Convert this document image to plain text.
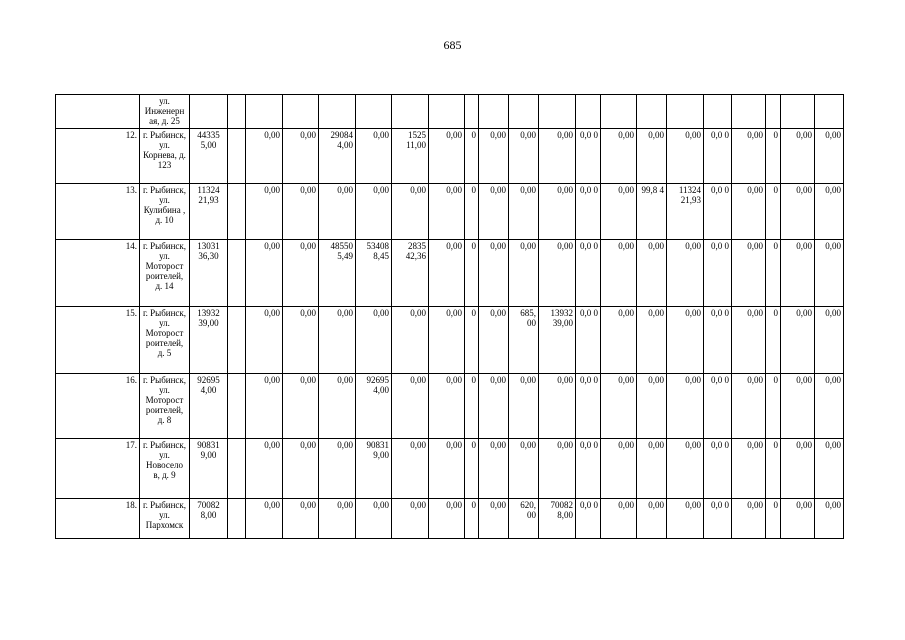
685
	ул. Инженерн ая, д. 25																					
12.	г. Рыбинск, ул. Корнева, д. 123	44335 5,00		0,00	0,00	29084 4,00	0,00	1525 11,00	0,00	0	0,00	0,00	0,00	0,0 0	0,00	0,00	0,00	0,0 0	0,00	0	0,00	0,00
13.	г. Рыбинск, ул. Кулибина , д. 10	11324 21,93		0,00	0,00	0,00	0,00	0,00	0,00	0	0,00	0,00	0,00	0,0 0	0,00	99,8 4	11324 21,93	0,0 0	0,00	0	0,00	0,00
14.	г. Рыбинск, ул. Моторост роителей, д. 14	13031 36,30		0,00	0,00	48550 5,49	53408 8,45	2835 42,36	0,00	0	0,00	0,00	0,00	0,0 0	0,00	0,00	0,00	0,0 0	0,00	0	0,00	0,00
15.	г. Рыбинск, ул. Моторост роителей, д. 5	13932 39,00		0,00	0,00	0,00	0,00	0,00	0,00	0	0,00	685, 00	13932 39,00	0,0 0	0,00	0,00	0,00	0,0 0	0,00	0	0,00	0,00
16.	г. Рыбинск, ул. Моторост роителей, д. 8	92695 4,00		0,00	0,00	0,00	92695 4,00	0,00	0,00	0	0,00	0,00	0,00	0,0 0	0,00	0,00	0,00	0,0 0	0,00	0	0,00	0,00
17.	г. Рыбинск, ул. Новосело в, д. 9	90831 9,00		0,00	0,00	0,00	90831 9,00	0,00	0,00	0	0,00	0,00	0,00	0,0 0	0,00	0,00	0,00	0,0 0	0,00	0	0,00	0,00
18.	г. Рыбинск, ул. Пархомск	70082 8,00		0,00	0,00	0,00	0,00	0,00	0,00	0	0,00	620, 00	70082 8,00	0,0 0	0,00	0,00	0,00	0,0 0	0,00	0	0,00	0,00
